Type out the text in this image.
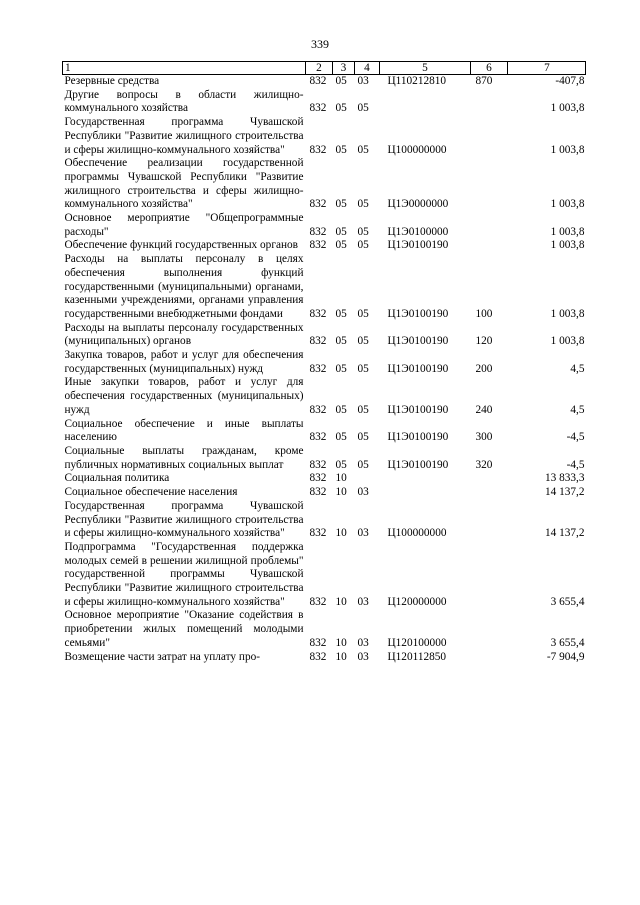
339
1	2	3	4	5	6	7
Резервные средства	832	05	03	Ц110212810	870	-407,8
Другие вопросы в области жилищно-коммунального хозяйства	832	05	05			1 003,8
Государственная программа Чувашской Республики "Развитие жилищного строительства и сферы жилищно-коммунального хозяйства"	832	05	05	Ц100000000		1 003,8
Обеспечение реализации государственной программы Чувашской Республики "Развитие жилищного строительства и сферы жилищно-коммунального хозяйства"	832	05	05	Ц1Э0000000		1 003,8
Основное мероприятие "Общепрограммные расходы"	832	05	05	Ц1Э0100000		1 003,8
Обеспечение функций государственных органов	832	05	05	Ц1Э0100190		1 003,8
Расходы на выплаты персоналу в целях обеспечения выполнения функций государственными (муниципальными) органами, казенными учреждениями, органами управления государственными внебюджетными фондами	832	05	05	Ц1Э0100190	100	1 003,8
Расходы на выплаты персоналу государственных (муниципальных) органов	832	05	05	Ц1Э0100190	120	1 003,8
Закупка товаров, работ и услуг для обеспечения государственных (муниципальных) нужд	832	05	05	Ц1Э0100190	200	4,5
Иные закупки товаров, работ и услуг для обеспечения государственных (муниципальных) нужд	832	05	05	Ц1Э0100190	240	4,5
Социальное обеспечение и иные выплаты населению	832	05	05	Ц1Э0100190	300	-4,5
Социальные выплаты гражданам, кроме публичных нормативных социальных выплат	832	05	05	Ц1Э0100190	320	-4,5
Социальная политика	832	10				13 833,3
Социальное обеспечение населения	832	10	03			14 137,2
Государственная программа Чувашской Республики "Развитие жилищного строительства и сферы жилищно-коммунального хозяйства"	832	10	03	Ц100000000		14 137,2
Подпрограмма "Государственная поддержка молодых семей в решении жилищной проблемы" государственной программы Чувашской Республики "Развитие жилищного строительства и сферы жилищно-коммунального хозяйства"	832	10	03	Ц120000000		3 655,4
Основное мероприятие "Оказание содействия в приобретении жилых помещений молодыми семьями"	832	10	03	Ц120100000		3 655,4
Возмещение части затрат на уплату про-	832	10	03	Ц120112850		-7 904,9
